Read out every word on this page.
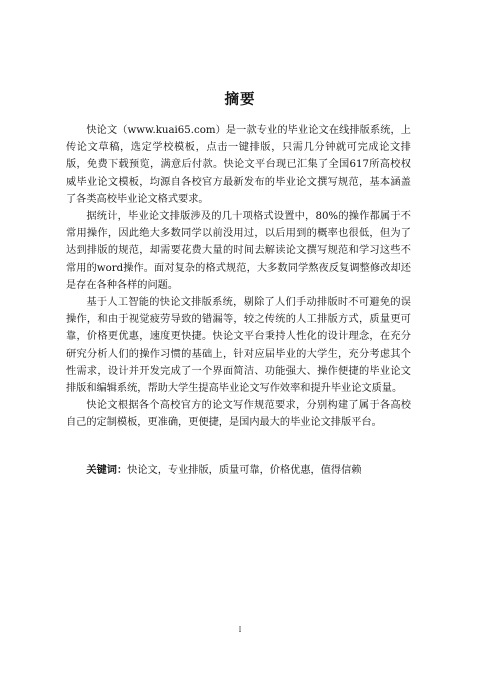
摘要

快论文（www.kuai65.com）是一款专业的毕业论文在线排版系统，上传论文草稿，选定学校模板，点击一键排版，只需几分钟就可完成论文排版，免费下载预览，满意后付款。快论文平台现已汇集了全国617所高校权威毕业论文模板，均源自各校官方最新发布的毕业论文撰写规范，基本涵盖了各类高校毕业论文格式要求。

据统计，毕业论文排版涉及的几十项格式设置中，80%的操作都属于不常用操作，因此绝大多数同学以前没用过，以后用到的概率也很低，但为了达到排版的规范，却需要花费大量的时间去解读论文撰写规范和学习这些不常用的word操作。面对复杂的格式规范，大多数同学熬夜反复调整修改却还是存在各种各样的问题。

基于人工智能的快论文排版系统，剔除了人们手动排版时不可避免的误操作，和由于视觉疲劳导致的错漏等，较之传统的人工排版方式，质量更可靠，价格更优惠，速度更快捷。快论文平台秉持人性化的设计理念，在充分研究分析人们的操作习惯的基础上，针对应届毕业的大学生，充分考虑其个性需求，设计并开发完成了一个界面简洁、功能强大、操作便捷的毕业论文排版和编辑系统，帮助大学生提高毕业论文写作效率和提升毕业论文质量。

快论文根据各个高校官方的论文写作规范要求，分别构建了属于各高校自己的定制模板，更准确，更便捷，是国内最大的毕业论文排版平台。

关键词：快论文，专业排版，质量可靠，价格优惠，值得信赖
I
